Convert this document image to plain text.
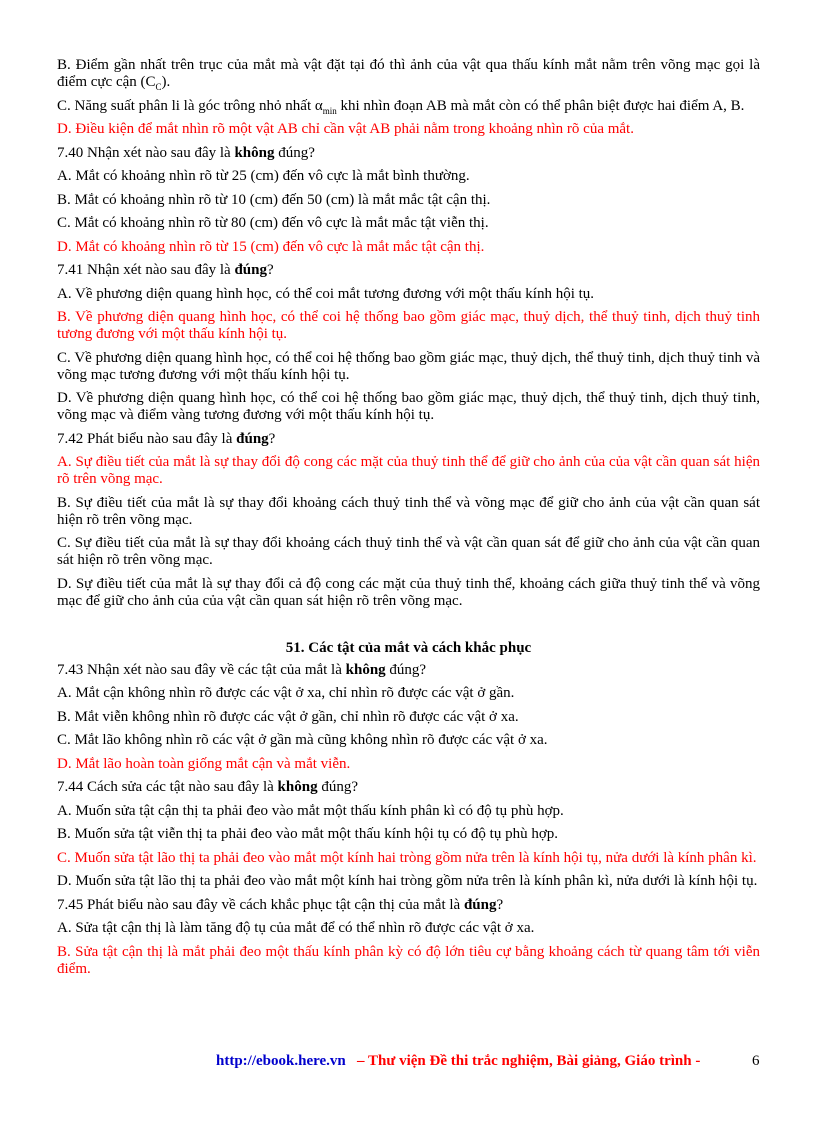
B. Điểm gần nhất trên trục của mắt mà vật đặt tại đó thì ảnh của vật qua thấu kính mắt nằm trên võng mạc gọi là điểm cực cận $(C_C)$.

C. Năng suất phân li là góc trông nhỏ nhất $\alpha_{min}$ khi nhìn đoạn AB mà mắt còn có thể phân biệt được hai điểm A, B.

D. Điều kiện để mắt nhìn rõ một vật AB chỉ cần vật AB phải nằm trong khoảng nhìn rõ của mắt.

7.40 Nhận xét nào sau đây là không đúng?

A. Mắt có khoảng nhìn rõ từ 25 (cm) đến vô cực là mắt bình thường.

B. Mắt có khoảng nhìn rõ từ 10 (cm) đến 50 (cm) là mắt mắc tật cận thị.

C. Mắt có khoảng nhìn rõ từ 80 (cm) đến vô cực là mắt mắc tật viễn thị.

D. Mắt có khoảng nhìn rõ từ 15 (cm) đến vô cực là mắt mắc tật cận thị.

7.41 Nhận xét nào sau đây là đúng?

A. Về phương diện quang hình học, có thể coi mắt tương đương với một thấu kính hội tụ.

B. Về phương diện quang hình học, có thể coi hệ thống bao gồm giác mạc, thuỷ dịch, thể thuỷ tinh, dịch thuỷ tinh tương đương với một thấu kính hội tụ.

C. Về phương diện quang hình học, có thể coi hệ thống bao gồm giác mạc, thuỷ dịch, thể thuỷ tinh, dịch thuỷ tinh và võng mạc tương đương với một thấu kính hội tụ.

D. Về phương diện quang hình học, có thể coi hệ thống bao gồm giác mạc, thuỷ dịch, thể thuỷ tinh, dịch thuỷ tinh, võng mạc và điểm vàng tương đương với một thấu kính hội tụ.

7.42 Phát biểu nào sau đây là đúng?

A. Sự điều tiết của mắt là sự thay đổi độ cong các mặt của thuỷ tinh thể để giữ cho ảnh của của vật cần quan sát hiện rõ trên võng mạc.

B. Sự điều tiết của mắt là sự thay đổi khoảng cách thuỷ tinh thể và võng mạc để giữ cho ảnh của vật cần quan sát hiện rõ trên võng mạc.

C. Sự điều tiết của mắt là sự thay đổi khoảng cách thuỷ tinh thể và vật cần quan sát để giữ cho ảnh của vật cần quan sát hiện rõ trên võng mạc.

D. Sự điều tiết của mắt là sự thay đổi cả độ cong các mặt của thuỷ tinh thể, khoảng cách giữa thuỷ tinh thể và võng mạc để giữ cho ảnh của của vật cần quan sát hiện rõ trên võng mạc.

51. Các tật của mắt và cách khắc phục

7.43 Nhận xét nào sau đây về các tật của mắt là không đúng?

A. Mắt cận không nhìn rõ được các vật ở xa, chỉ nhìn rõ được các vật ở gần.

B. Mắt viễn không nhìn rõ được các vật ở gần, chỉ nhìn rõ được các vật ở xa.

C. Mắt lão không nhìn rõ các vật ở gần mà cũng không nhìn rõ được các vật ở xa.

D. Mắt lão hoàn toàn giống mắt cận và mắt viễn.

7.44 Cách sửa các tật nào sau đây là không đúng?

A. Muốn sửa tật cận thị ta phải đeo vào mắt một thấu kính phân kì có độ tụ phù hợp.

B. Muốn sửa tật viễn thị ta phải đeo vào mắt một thấu kính hội tụ có độ tụ phù hợp.

C. Muốn sửa tật lão thị ta phải đeo vào mắt một kính hai tròng gồm nửa trên là kính hội tụ, nửa dưới là kính phân kì.

D. Muốn sửa tật lão thị ta phải đeo vào mắt một kính hai tròng gồm nửa trên là kính phân kì, nửa dưới là kính hội tụ.

7.45 Phát biểu nào sau đây về cách khắc phục tật cận thị của mắt là đúng?

A. Sửa tật cận thị là làm tăng độ tụ của mắt để có thể nhìn rõ được các vật ở xa.

B. Sửa tật cận thị là mắt phải đeo một thấu kính phân kỳ có độ lớn tiêu cự bằng khoảng cách từ quang tâm tới viễn điểm.

http://ebook.here.vn – Thư viện Đề thi trắc nghiệm, Bài giảng, Giáo trình -	6
